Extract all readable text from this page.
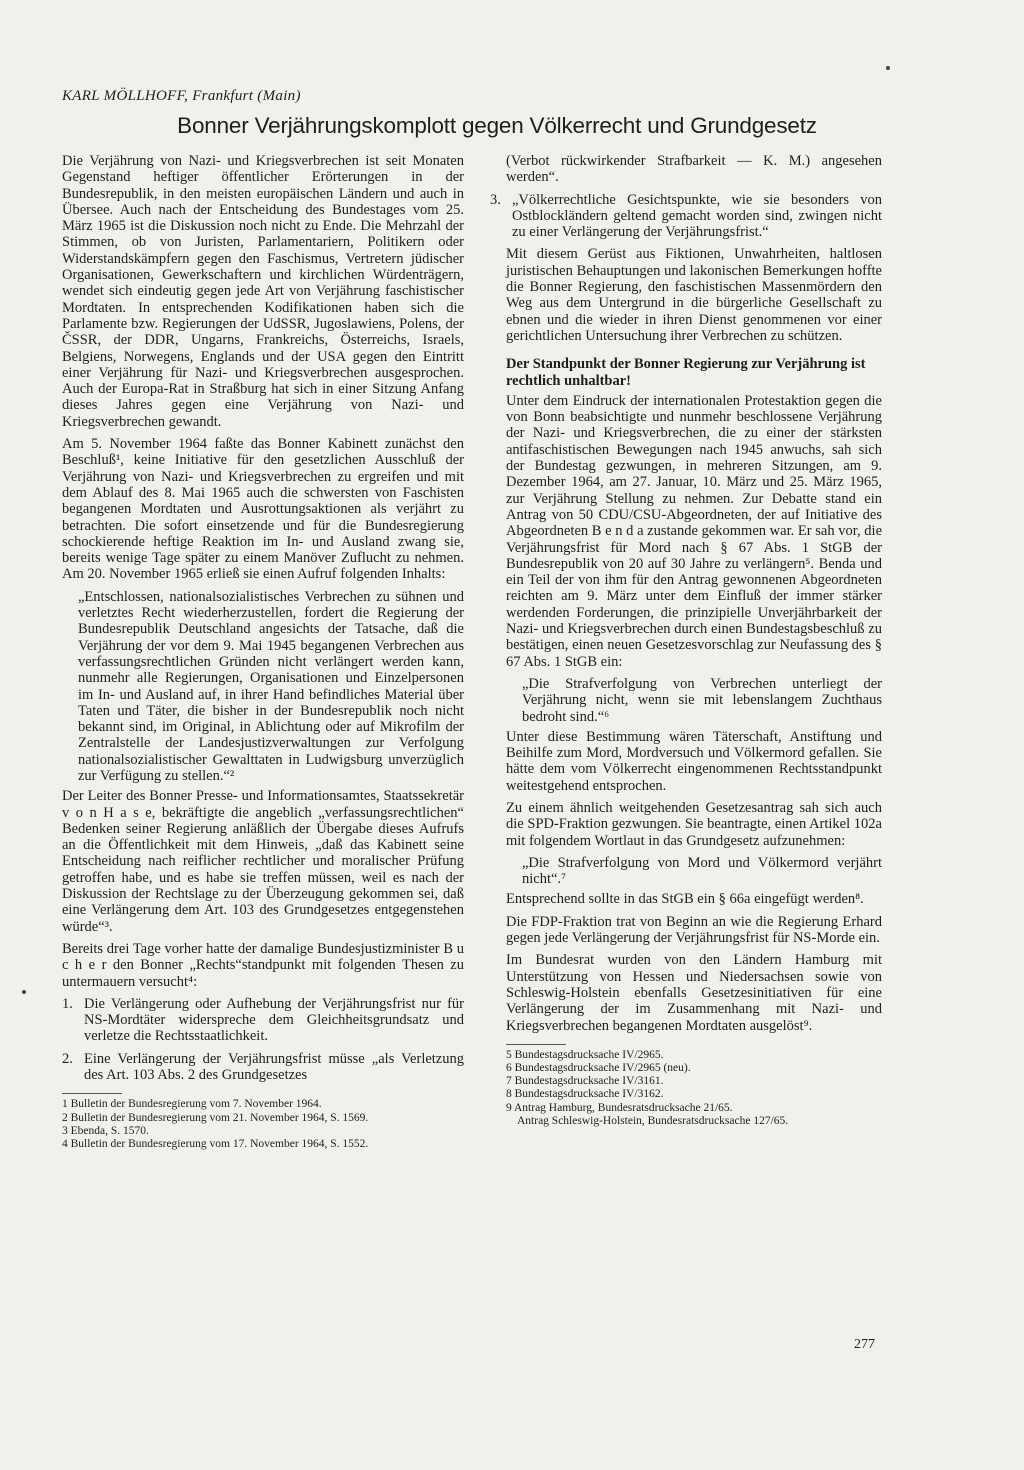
KARL MÖLLHOFF, Frankfurt (Main)
Bonner Verjährungskomplott gegen Völkerrecht und Grundgesetz

Die Verjährung von Nazi- und Kriegsverbrechen ist seit Monaten Gegenstand heftiger öffentlicher Erörterungen in der Bundesrepublik, in den meisten europäischen Ländern und auch in Übersee. Auch nach der Entscheidung des Bundestages vom 25. März 1965 ist die Diskussion noch nicht zu Ende. Die Mehrzahl der Stimmen, ob von Juristen, Parlamentariern, Politikern oder Widerstandskämpfern gegen den Faschismus, Vertretern jüdischer Organisationen, Gewerkschaftern und kirchlichen Würdenträgern, wendet sich eindeutig gegen jede Art von Verjährung faschistischer Mordtaten. In entsprechenden Kodifikationen haben sich die Parlamente bzw. Regierungen der UdSSR, Jugoslawiens, Polens, der ČSSR, der DDR, Ungarns, Frankreichs, Österreichs, Israels, Belgiens, Norwegens, Englands und der USA gegen den Eintritt einer Verjährung für Nazi- und Kriegsverbrechen ausgesprochen. Auch der Europa-Rat in Straßburg hat sich in einer Sitzung Anfang dieses Jahres gegen eine Verjährung von Nazi- und Kriegsverbrechen gewandt.

Am 5. November 1964 faßte das Bonner Kabinett zunächst den Beschluß¹, keine Initiative für den gesetzlichen Ausschluß der Verjährung von Nazi- und Kriegsverbrechen zu ergreifen und mit dem Ablauf des 8. Mai 1965 auch die schwersten von Faschisten begangenen Mordtaten und Ausrottungsaktionen als verjährt zu betrachten. Die sofort einsetzende und für die Bundesregierung schockierende heftige Reaktion im In- und Ausland zwang sie, bereits wenige Tage später zu einem Manöver Zuflucht zu nehmen. Am 20. November 1965 erließ sie einen Aufruf folgenden Inhalts:

„Entschlossen, nationalsozialistisches Verbrechen zu sühnen und verletztes Recht wiederherzustellen, fordert die Regierung der Bundesrepublik Deutschland angesichts der Tatsache, daß die Verjährung der vor dem 9. Mai 1945 begangenen Verbrechen aus verfassungsrechtlichen Gründen nicht verlängert werden kann, nunmehr alle Regierungen, Organisationen und Einzelpersonen im In- und Ausland auf, in ihrer Hand befindliches Material über Taten und Täter, die bisher in der Bundesrepublik noch nicht bekannt sind, im Original, in Ablichtung oder auf Mikrofilm der Zentralstelle der Landesjustizverwaltungen zur Verfolgung nationalsozialistischer Gewalttaten in Ludwigsburg unverzüglich zur Verfügung zu stellen.“²

Der Leiter des Bonner Presse- und Informationsamtes, Staatssekretär v o n H a s e, bekräftigte die angeblich „verfassungsrechtlichen“ Bedenken seiner Regierung anläßlich der Übergabe dieses Aufrufs an die Öffentlichkeit mit dem Hinweis, „daß das Kabinett seine Entscheidung nach reiflicher rechtlicher und moralischer Prüfung getroffen habe, und es habe sie treffen müssen, weil es nach der Diskussion der Rechtslage zu der Überzeugung gekommen sei, daß eine Verlängerung dem Art. 103 des Grundgesetzes entgegenstehen würde“³.

Bereits drei Tage vorher hatte der damalige Bundesjustizminister B u c h e r den Bonner „Rechts“standpunkt mit folgenden Thesen zu untermauern versucht⁴:

1. Die Verlängerung oder Aufhebung der Verjährungsfrist nur für NS-Mordtäter widerspreche dem Gleichheitsgrundsatz und verletze die Rechtsstaatlichkeit.
2. Eine Verlängerung der Verjährungsfrist müsse „als Verletzung des Art. 103 Abs. 2 des Grundgesetzes
1 Bulletin der Bundesregierung vom 7. November 1964.
2 Bulletin der Bundesregierung vom 21. November 1964, S. 1569.
3 Ebenda, S. 1570.
4 Bulletin der Bundesregierung vom 17. November 1964, S. 1552.

(Verbot rückwirkender Strafbarkeit — K. M.) angesehen werden“.

3. „Völkerrechtliche Gesichtspunkte, wie sie besonders von Ostblockländern geltend gemacht worden sind, zwingen nicht zu einer Verlängerung der Verjährungsfrist.“

Mit diesem Gerüst aus Fiktionen, Unwahrheiten, haltlosen juristischen Behauptungen und lakonischen Bemerkungen hoffte die Bonner Regierung, den faschistischen Massenmördern den Weg aus dem Untergrund in die bürgerliche Gesellschaft zu ebnen und die wieder in ihren Dienst genommenen vor einer gerichtlichen Untersuchung ihrer Verbrechen zu schützen.

Der Standpunkt der Bonner Regierung zur Verjährung ist rechtlich unhaltbar!

Unter dem Eindruck der internationalen Protestaktion gegen die von Bonn beabsichtigte und nunmehr beschlossene Verjährung der Nazi- und Kriegsverbrechen, die zu einer der stärksten antifaschistischen Bewegungen nach 1945 anwuchs, sah sich der Bundestag gezwungen, in mehreren Sitzungen, am 9. Dezember 1964, am 27. Januar, 10. März und 25. März 1965, zur Verjährung Stellung zu nehmen. Zur Debatte stand ein Antrag von 50 CDU/CSU-Abgeordneten, der auf Initiative des Abgeordneten B e n d a zustande gekommen war. Er sah vor, die Verjährungsfrist für Mord nach § 67 Abs. 1 StGB der Bundesrepublik von 20 auf 30 Jahre zu verlängern⁵. Benda und ein Teil der von ihm für den Antrag gewonnenen Abgeordneten reichten am 9. März unter dem Einfluß der immer stärker werdenden Forderungen, die prinzipielle Unverjährbarkeit der Nazi- und Kriegsverbrechen durch einen Bundestagsbeschluß zu bestätigen, einen neuen Gesetzesvorschlag zur Neufassung des § 67 Abs. 1 StGB ein:

„Die Strafverfolgung von Verbrechen unterliegt der Verjährung nicht, wenn sie mit lebenslangem Zuchthaus bedroht sind.“⁶

Unter diese Bestimmung wären Täterschaft, Anstiftung und Beihilfe zum Mord, Mordversuch und Völkermord gefallen. Sie hätte dem vom Völkerrecht eingenommenen Rechtsstandpunkt weitestgehend entsprochen.

Zu einem ähnlich weitgehenden Gesetzesantrag sah sich auch die SPD-Fraktion gezwungen. Sie beantragte, einen Artikel 102a mit folgendem Wortlaut in das Grundgesetz aufzunehmen:

„Die Strafverfolgung von Mord und Völkermord verjährt nicht“.⁷

Entsprechend sollte in das StGB ein § 66a eingefügt werden⁸.

Die FDP-Fraktion trat von Beginn an wie die Regierung Erhard gegen jede Verlängerung der Verjährungsfrist für NS-Morde ein.

Im Bundesrat wurden von den Ländern Hamburg mit Unterstützung von Hessen und Niedersachsen sowie von Schleswig-Holstein ebenfalls Gesetzesinitiativen für eine Verlängerung der im Zusammenhang mit Nazi- und Kriegsverbrechen begangenen Mordtaten ausgelöst⁹.

5 Bundestagsdrucksache IV/2965.
6 Bundestagsdrucksache IV/2965 (neu).
7 Bundestagsdrucksache IV/3161.
8 Bundestagsdrucksache IV/3162.
9 Antrag Hamburg, Bundesratsdrucksache 21/65.
Antrag Schleswig-Holstein, Bundesratsdrucksache 127/65.
277
